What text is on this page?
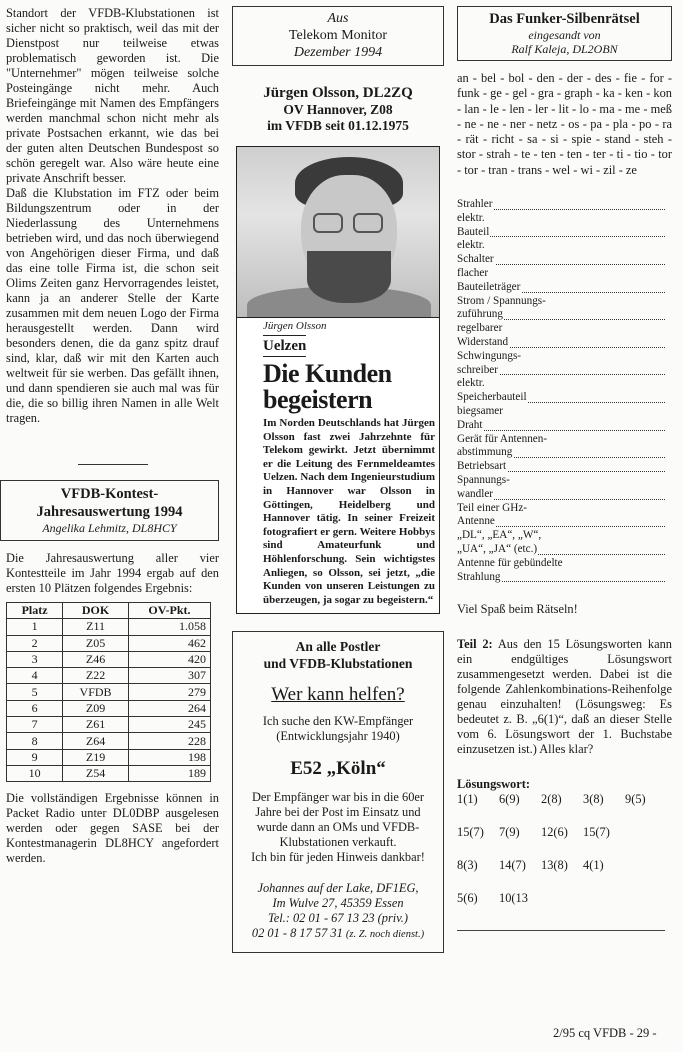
Standort der VFDB-Klubstationen ist sicher nicht so praktisch, weil das mit der Dienstpost nur teilweise etwas problematisch geworden ist. Die "Unternehmer" mögen teilweise solche Posteingänge nicht mehr. Auch Briefeingänge mit Namen des Empfängers werden manchmal schon nicht mehr als private Postsachen erkannt, wie das bei der guten alten Deutschen Bundespost so schön geregelt war. Also wäre heute eine private Anschrift besser.

Daß die Klubstation im FTZ oder beim Bildungszentrum oder in der Niederlassung des Unternehmens betrieben wird, und das noch überwiegend von Angehörigen dieser Firma, und daß das eine tolle Firma ist, die schon seit Olims Zeiten ganz Hervorragendes leistet, kann ja an anderer Stelle der Karte zusammen mit dem neuen Logo der Firma herausgestellt werden. Dann wird besonders denen, die da ganz spitz drauf sind, klar, daß wir mit den Karten auch weltweit für sie werben. Das gefällt ihnen, und dann spendieren sie auch mal was für die, die so billig ihren Namen in alle Welt tragen.

VFDB-Kontest-
Jahresauswertung 1994
Angelika Lehmitz, DL8HCY

Die Jahresauswertung aller vier Kontestteile im Jahr 1994 ergab auf den ersten 10 Plätzen folgendes Ergebnis:

Platz	DOK	OV-Pkt.
1	Z11	1.058
2	Z05	462
3	Z46	420
4	Z22	307
5	VFDB	279
6	Z09	264
7	Z61	245
8	Z64	228
9	Z19	198
10	Z54	189

Die vollständigen Ergebnisse können in Packet Radio unter DL0DBP ausgelesen werden oder gegen SASE bei der Kontestmanagerin DL8HCY angefordert werden.

Aus
Telekom Monitor
Dezember 1994
Jürgen Olsson, DL2ZQ
OV Hannover, Z08
im VFDB seit 01.12.1975
Jürgen Olsson
Uelzen
Die Kunden
begeistern
Im Norden Deutschlands hat Jürgen Olsson fast zwei Jahrzehnte für Telekom gewirkt. Jetzt übernimmt er die Leitung des Fernmeldeamtes Uelzen. Nach dem Ingenieurstudium in Hannover war Olsson in Göttingen, Heidelberg und Hannover tätig. In seiner Freizeit fotografiert er gern. Weitere Hobbys sind Amateurfunk und Höhlenforschung. Sein wichtigstes Anliegen, so Olsson, sei jetzt, „die Kunden von unseren Leistungen zu überzeugen, ja sogar zu begeistern.“
An alle Postler
und VFDB-Klubstationen
Wer kann helfen?
Ich suche den KW-Empfänger
(Entwicklungsjahr 1940)
E52 „Köln“
Der Empfänger war bis in die 60er Jahre bei der Post im Einsatz und wurde dann an OMs und VFDB-Klubstationen verkauft.
Ich bin für jeden Hinweis dankbar!
Johannes auf der Lake, DF1EG,
Im Wulve 27, 45359 Essen
Tel.: 02 01 - 67 13 23 (priv.)
02 01 - 8 17 57 31 (z. Z. noch dienst.)
Das Funker-Silbenrätsel
eingesandt von
Ralf Kaleja, DL2OBN

an - bel - bol - den - der - des - fie - for - funk - ge - gel - gra - graph - ka - ken - kon - lan - le - len - ler - lit - lo - ma - me - meß - ne - ne - ner - netz - os - pa - pla - po - ra - rät - richt - sa - si - spie - stand - steh - stor - strah - te - ten - ten - ter - ti - tio - tor - tor - tran - trans - wel - wi - zil - ze

Strahler
elektr.
Bauteil
elektr.
Schalter
flacher
Bauteileträger
Strom / Spannungs-
zuführung
regelbarer
Widerstand
Schwingungs-
schreiber
elektr.
Speicherbauteil
biegsamer
Draht
Gerät für Antennen-
abstimmung
Betriebsart
Spannungs-
wandler
Teil einer GHz-
Antenne
„DL“, „EA“, „W“,
„UA“, „JA“ (etc.)
Antenne für gebündelte
Strahlung

Viel Spaß beim Rätseln!

Teil 2: Aus den 15 Lösungsworten kann ein endgültiges Lösungswort zusammengesetzt werden. Dabei ist die folgende Zahlenkombinations-Reihenfolge genau einzuhalten! (Lösungsweg: Es bedeutet z. B. „6(1)“, daß an dieser Stelle vom 6. Lösungswort der 1. Buchstabe einzusetzen ist.) Alles klar?

Lösungswort:
1(1)	6(9)	2(8)	3(8)	9(5)
15(7)	7(9)	12(6)	15(7)
8(3)	14(7)	13(8)	4(1)
5(6)	10(13
2/95 cq VFDB - 29 -
